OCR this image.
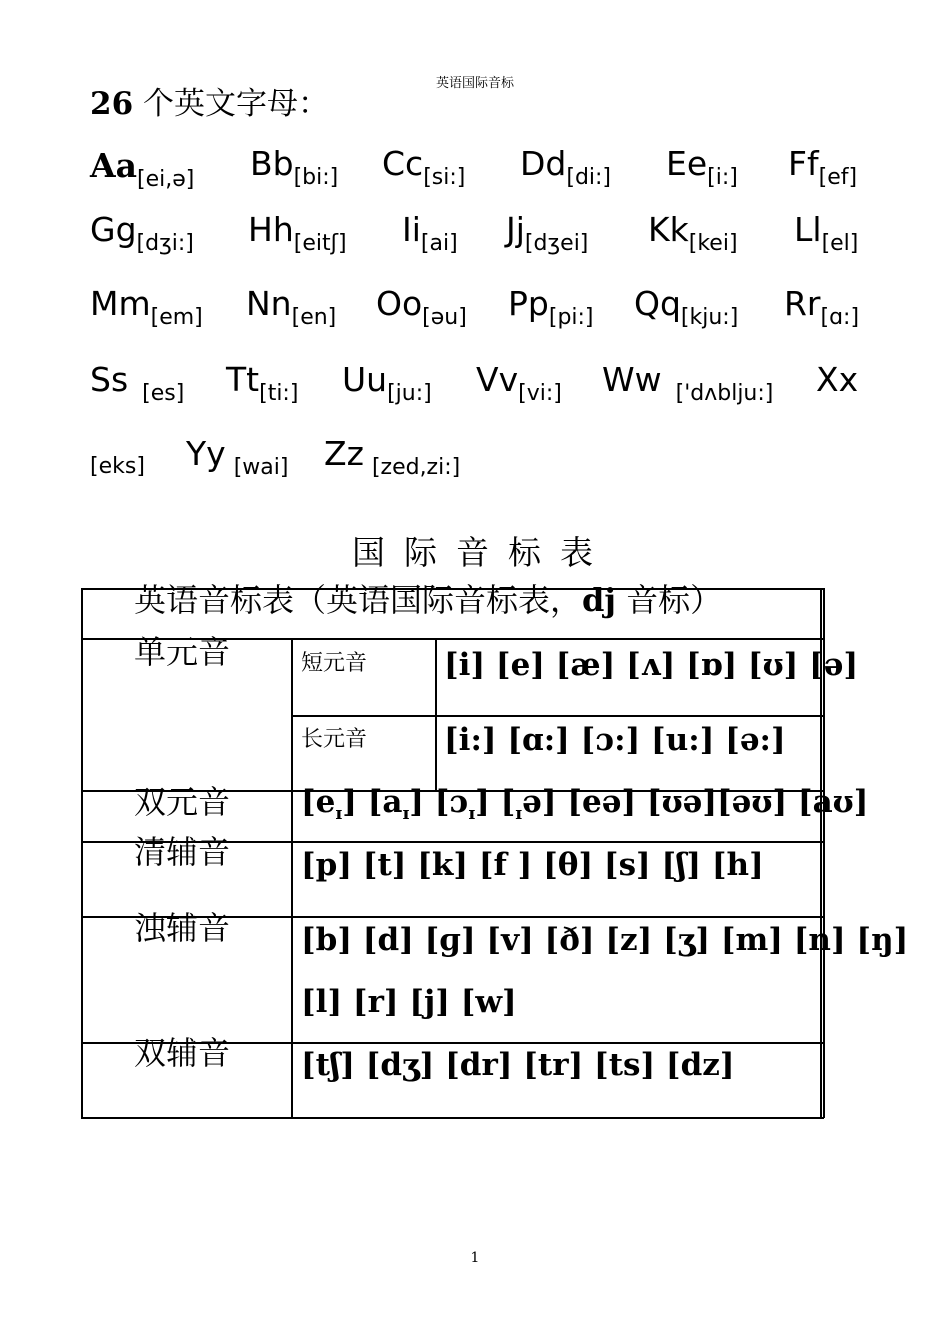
英语国际音标
26 个英文字母：
$Aa_{[ei,ə]}$ $Bb_{[bi:]}$ $Cc_{[si:]}$ $Dd_{[di:]}$ $Ee_{[i:]}$ $Ff_{[ef]}$
$Gg_{[dʒi:]}$ $Hh_{[eitʃ]}$ $Ii_{[ai]}$ $Jj_{[dʒei]}$ $Kk_{[kei]}$ $Ll_{[el]}$
$Mm_{[em]}$ $Nn_{[en]}$ $Oo_{[əu]}$ $Pp_{[pi:]}$ $Qq_{[kju:]}$ $Rr_{[ɑ:]}$
Ss $_{[es]}$ $Tt_{[ti:]}$ $Uu_{[ju:]}$ $Vv_{[vi:]}$ Ww $_{['dʌblju:]}$ Xx
[eks] Yy $_{[wai]}$ Zz $_{[zed,zi:]}$
国际音标表
英语音标表（英语国际音标表，dj 音标）
单元音	短元音 [i] [e] [æ] [ʌ] [ɒ] [ʊ] [ə]
长元音 [i:] [ɑ:] [ɔ:] [u:] [ə:]
双元音 $[e_ɪ]$ $[a_ɪ]$ [ɔ$_ɪ$] $[_ɪə]$ [eə] [ʊə][əʊ] [aʊ]
清辅音 [p] [t] [k] [f ] [θ] [s] [ʃ] [h]
浊辅音 [b] [d] [ɡ] [v] [ð] [z] [ʒ] [m] [n] [ŋ]
[l] [r] [j] [w]
双辅音 [tʃ] [dʒ] [dr] [tr] [ts] [dz]
1
